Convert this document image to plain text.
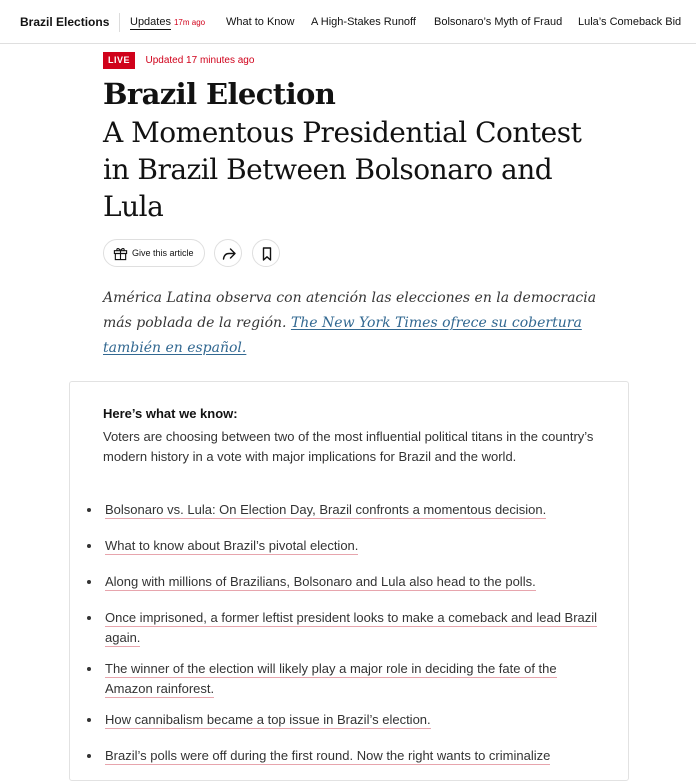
Brazil Elections Updates 17m ago What to Know A High-Stakes Runoff Bolsonaro’s Myth of Fraud Lula’s Comeback Bid
LIVE Updated 17 minutes ago
Brazil Election
A Momentous Presidential Contest in Brazil Between Bolsonaro and Lula
Give this article

América Latina observa con atención las elecciones en la democracia más poblada de la región. The New York Times ofrece su cobertura también en español.

Here’s what we know:

Voters are choosing between two of the most influential political titans in the country’s modern history in a vote with major implications for Brazil and the world.

Bolsonaro vs. Lula: On Election Day, Brazil confronts a momentous decision.
What to know about Brazil’s pivotal election.
Along with millions of Brazilians, Bolsonaro and Lula also head to the polls.
Once imprisoned, a former leftist president looks to make a comeback and lead Brazil again.
The winner of the election will likely play a major role in deciding the fate of the Amazon rainforest.
How cannibalism became a top issue in Brazil’s election.
Brazil’s polls were off during the first round. Now the right wants to criminalize
